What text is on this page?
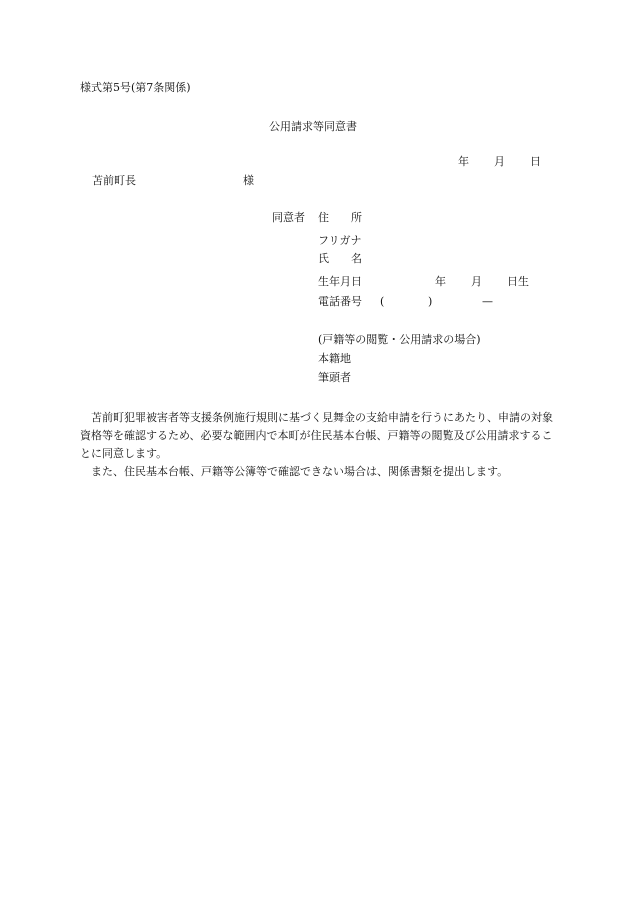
様式第5号(第7条関係)
公用請求等同意書
年 月 日
苫前町長	様
同意者 住　　所
フリガナ
氏　　名
生年月日	年 月 日生
電話番号 (	)	—
(戸籍等の閲覧・公用請求の場合)
本籍地
筆頭者

苫前町犯罪被害者等支援条例施行規則に基づく見舞金の支給申請を行うにあたり、申請の対象資格等を確認するため、必要な範囲内で本町が住民基本台帳、戸籍等の閲覧及び公用請求することに同意します。

また、住民基本台帳、戸籍等公簿等で確認できない場合は、関係書類を提出します。
